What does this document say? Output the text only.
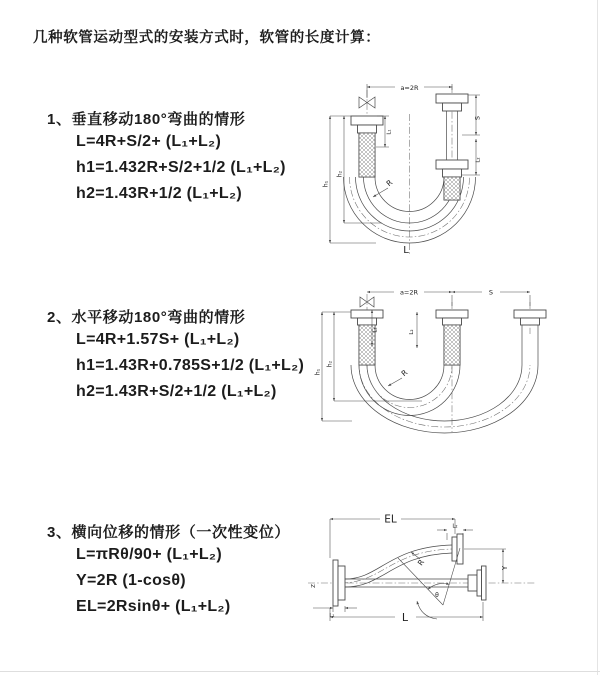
几种软管运动型式的安装方式时，软管的长度计算：
1、垂直移动180°弯曲的情形
L=4R+S/2+ (L₁+L₂)
h1=1.432R+S/2+1/2 (L₁+L₂)
h2=1.43R+1/2 (L₁+L₂)
2、水平移动180°弯曲的情形
L=4R+1.57S+ (L₁+L₂)
h1=1.43R+0.785S+1/2 (L₁+L₂)
h2=1.43R+S/2+1/2 (L₁+L₂)
3、横向位移的情形（一次性变位）
L=πRθ/90+ (L₁+L₂)
Y=2R (1-cosθ)
EL=2Rsinθ+ (L₁+L₂)
a=2R
h₁
h₂
L₁
S
L₂
R
L
a=2R	S
h₁
h₂
L₁	L₂
R
Z
θ
R
EL
L₂
Y
L
L₁
